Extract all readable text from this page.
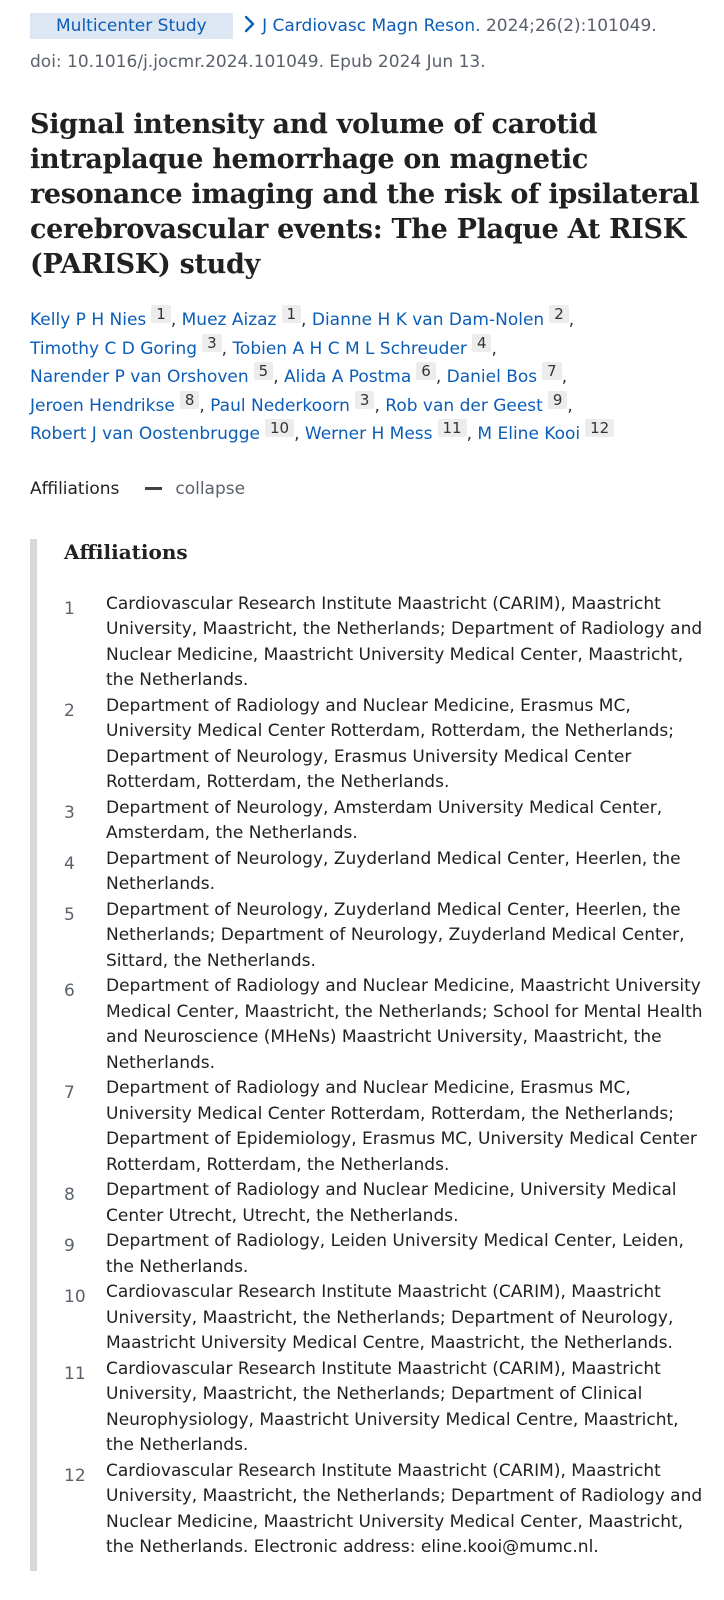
Multicenter Study	J Cardiovasc Magn Reson. 2024;26(2):101049.
doi: 10.1016/j.jocmr.2024.101049. Epub 2024 Jun 13.
Signal intensity and volume of carotid intraplaque hemorrhage on magnetic resonance imaging and the risk of ipsilateral cerebrovascular events: The Plaque At RISK (PARISK) study
Kelly P H Nies 1 , Muez Aizaz 1 , Dianne H K van Dam-Nolen 2 , Timothy C D Goring 3 , Tobien A H C M L Schreuder 4 , Narender P van Orshoven 5 , Alida A Postma 6 , Daniel Bos 7 , Jeroen Hendrikse 8 , Paul Nederkoorn 3 , Rob van der Geest 9 , Robert J van Oostenbrugge 10 , Werner H Mess 11 , M Eline Kooi 12
Affiliations	collapse
Affiliations
1	Cardiovascular Research Institute Maastricht (CARIM), Maastricht University, Maastricht, the Netherlands; Department of Radiology and Nuclear Medicine, Maastricht University Medical Center, Maastricht, the Netherlands.
2	Department of Radiology and Nuclear Medicine, Erasmus MC, University Medical Center Rotterdam, Rotterdam, the Netherlands; Department of Neurology, Erasmus University Medical Center Rotterdam, Rotterdam, the Netherlands.
3	Department of Neurology, Amsterdam University Medical Center, Amsterdam, the Netherlands.
4	Department of Neurology, Zuyderland Medical Center, Heerlen, the Netherlands.
5	Department of Neurology, Zuyderland Medical Center, Heerlen, the Netherlands; Department of Neurology, Zuyderland Medical Center, Sittard, the Netherlands.
6	Department of Radiology and Nuclear Medicine, Maastricht University Medical Center, Maastricht, the Netherlands; School for Mental Health and Neuroscience (MHeNs) Maastricht University, Maastricht, the Netherlands.
7	Department of Radiology and Nuclear Medicine, Erasmus MC, University Medical Center Rotterdam, Rotterdam, the Netherlands; Department of Epidemiology, Erasmus MC, University Medical Center Rotterdam, Rotterdam, the Netherlands.
8	Department of Radiology and Nuclear Medicine, University Medical Center Utrecht, Utrecht, the Netherlands.
9	Department of Radiology, Leiden University Medical Center, Leiden, the Netherlands.
10	Cardiovascular Research Institute Maastricht (CARIM), Maastricht University, Maastricht, the Netherlands; Department of Neurology, Maastricht University Medical Centre, Maastricht, the Netherlands.
11	Cardiovascular Research Institute Maastricht (CARIM), Maastricht University, Maastricht, the Netherlands; Department of Clinical Neurophysiology, Maastricht University Medical Centre, Maastricht, the Netherlands.
12	Cardiovascular Research Institute Maastricht (CARIM), Maastricht University, Maastricht, the Netherlands; Department of Radiology and Nuclear Medicine, Maastricht University Medical Center, Maastricht, the Netherlands. Electronic address: eline.kooi@mumc.nl.
